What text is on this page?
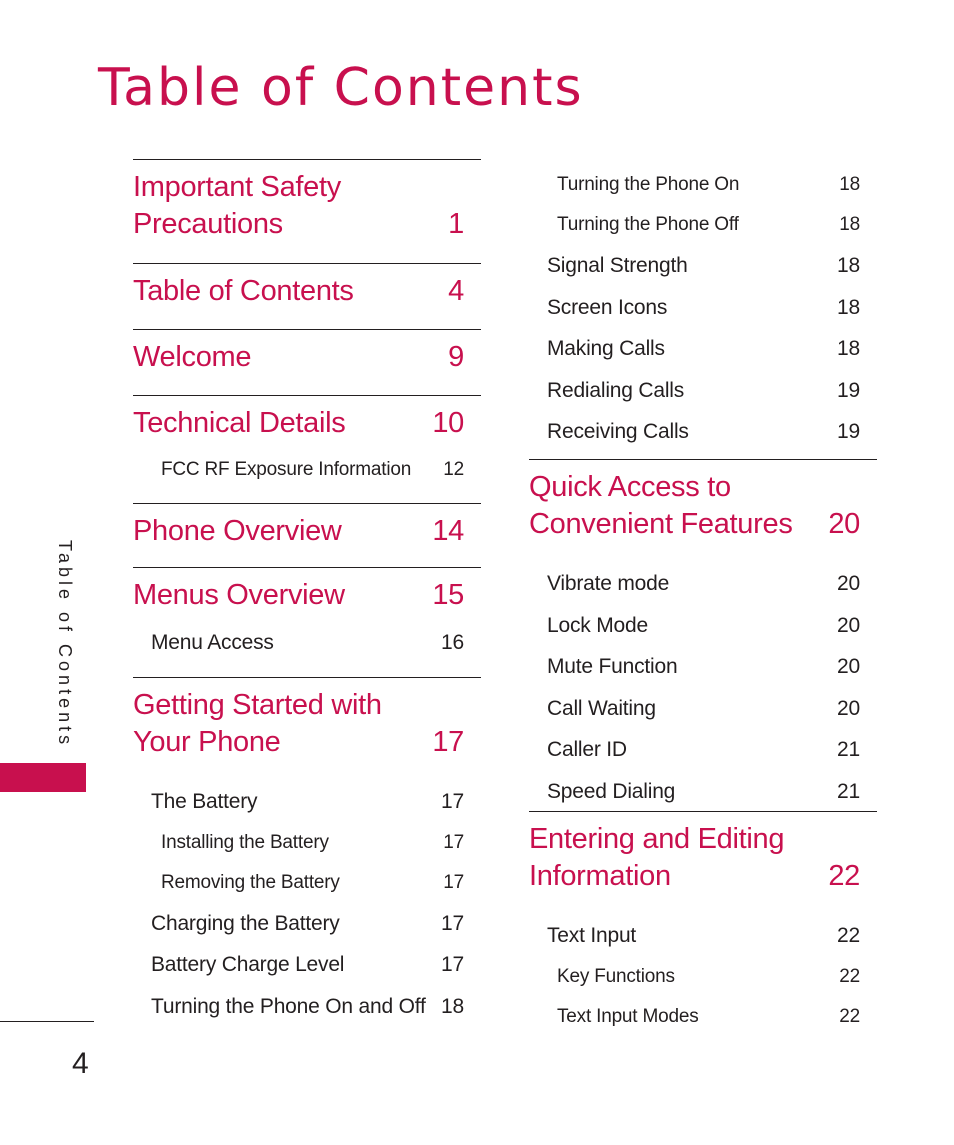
Table of Contents
Table of Contents
4
Important Safety Precautions	1
Table of Contents	4
Welcome	9
Technical Details	10
FCC RF Exposure Information 12
Phone Overview	14
Menus Overview	15
Menu Access	16
Getting Started with Your Phone	17
The Battery	17
Installing the Battery	17
Removing the Battery	17
Charging the Battery	17
Battery Charge Level	17
Turning the Phone On and Off 18
Turning the Phone On	18
Turning the Phone Off	18
Signal Strength	18
Screen Icons	18
Making Calls	18
Redialing Calls	19
Receiving Calls	19
Quick Access to Convenient Features	20
Vibrate mode	20
Lock Mode	20
Mute Function	20
Call Waiting	20
Caller ID	21
Speed Dialing	21
Entering and Editing Information	22
Text Input	22
Key Functions	22
Text Input Modes	22
